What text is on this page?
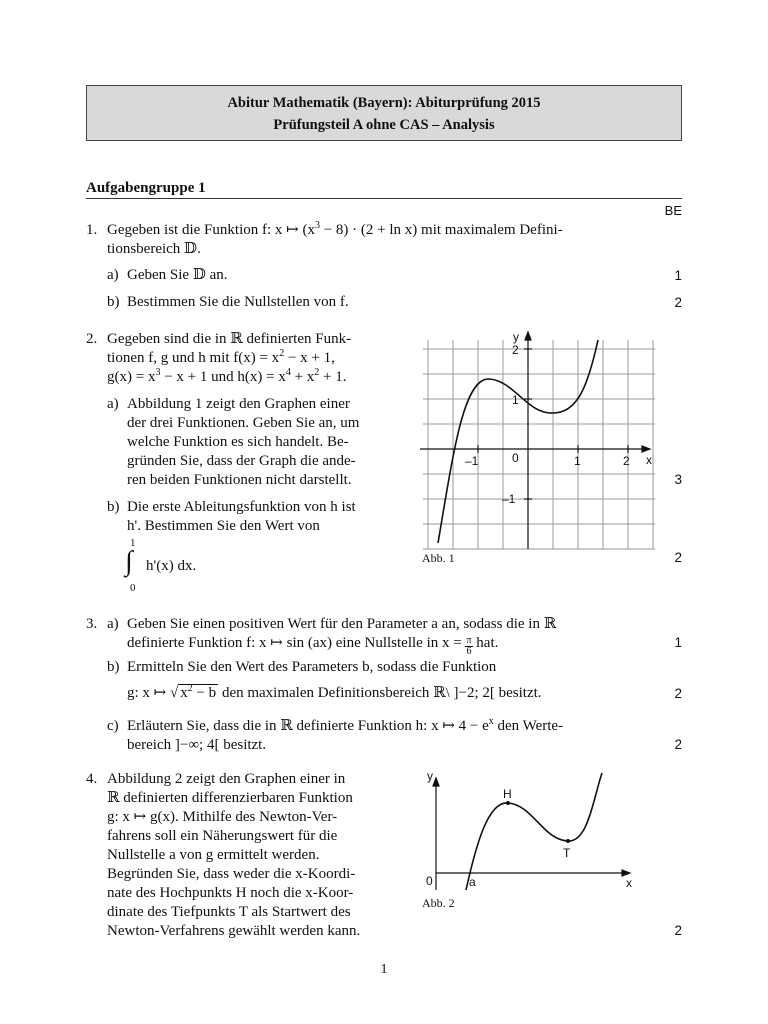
Abitur Mathematik (Bayern): Abiturprüfung 2015
Prüfungsteil A ohne CAS – Analysis
Aufgabengruppe 1
BE
1. Gegeben ist die Funktion f: x ↦ $(x^3 - 8) \cdot (2 + \ln x)$ mit maximalem Defini-
tionsbereich 𝔻.
a) Geben Sie 𝔻 an.	1
b) Bestimmen Sie die Nullstellen von f.	2
2. Gegeben sind die in ℝ definierten Funk-
tionen f, g und h mit $f(x) = x^2 - x + 1$,
$g(x) = x^3 - x + 1$ und $h(x) = x^4 + x^2 + 1$.
a) Abbildung 1 zeigt den Graphen einer
der drei Funktionen. Geben Sie an, um
welche Funktion es sich handelt. Be-
gründen Sie, dass der Graph die ande-
ren beiden Funktionen nicht darstellt.	3
b) Die erste Ableitungsfunktion von h ist
h'. Bestimmen Sie den Wert von
1
∫
0
h'(x) dx.
2
Abb. 1
y
2
1
–1
–1	0	1	2 x
3. a) Geben Sie einen positiven Wert für den Parameter a an, sodass die in ℝ
definierte Funktion f: x ↦ sin (ax) eine Nullstelle in $x = \frac{\pi}{6}$ hat.	1
b) Ermitteln Sie den Wert des Parameters b, sodass die Funktion
g: x ↦ √ $x^2 - b$ den maximalen Definitionsbereich ℝ\ ]−2; 2[ besitzt.	2
c) Erläutern Sie, dass die in ℝ definierte Funktion h: x ↦ $4 - e^x$ den Werte-
bereich ]−∞; 4[ besitzt.	2
4. Abbildung 2 zeigt den Graphen einer in
ℝ definierten differenzierbaren Funktion
g: x ↦ g(x). Mithilfe des Newton-Ver-
fahrens soll ein Näherungswert für die
Nullstelle a von g ermittelt werden.
Begründen Sie, dass weder die x-Koordi-
nate des Hochpunkts H noch die x-Koor-
dinate des Tiefpunkts T als Startwert des
Newton-Verfahrens gewählt werden kann.	2
Abb. 2
y
0	a
H
T
x
1
